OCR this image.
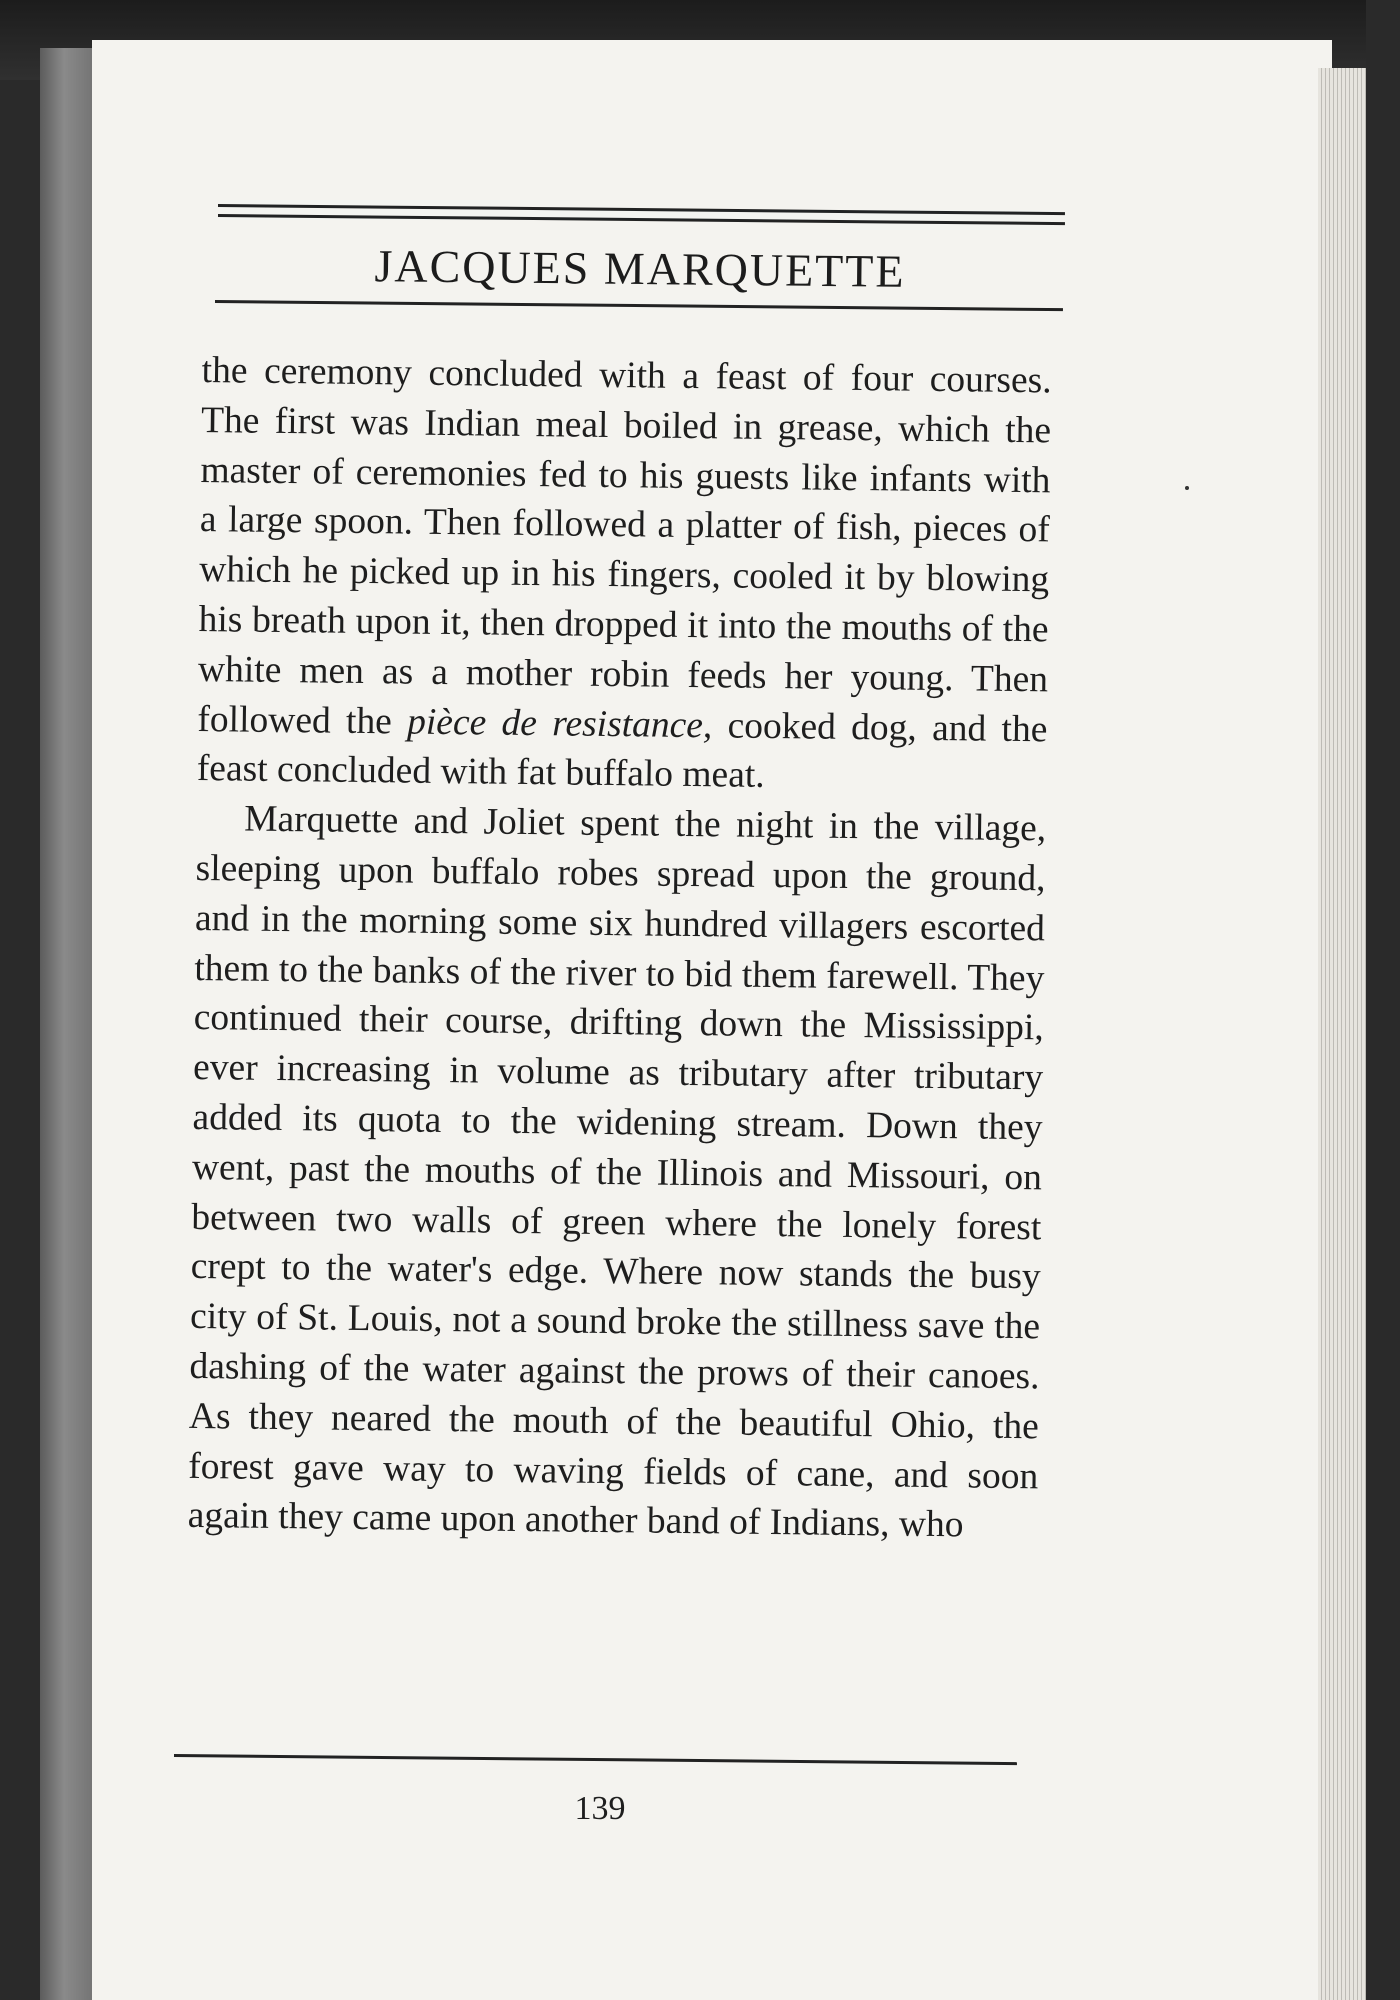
JACQUES MARQUETTE

the ceremony concluded with a feast of four courses. The first was Indian meal boiled in grease, which the master of ceremonies fed to his guests like infants with a large spoon. Then followed a platter of fish, pieces of which he picked up in his fingers, cooled it by blowing his breath upon it, then dropped it into the mouths of the white men as a mother robin feeds her young. Then followed the pièce de resistance, cooked dog, and the feast concluded with fat buffalo meat.

Marquette and Joliet spent the night in the village, sleeping upon buffalo robes spread upon the ground, and in the morning some six hundred villagers escorted them to the banks of the river to bid them farewell. They continued their course, drifting down the Mississippi, ever increasing in volume as tributary after tributary added its quota to the widening stream. Down they went, past the mouths of the Illinois and Missouri, on between two walls of green where the lonely forest crept to the water's edge. Where now stands the busy city of St. Louis, not a sound broke the stillness save the dashing of the water against the prows of their canoes. As they neared the mouth of the beautiful Ohio, the forest gave way to waving fields of cane, and soon again they came upon another band of Indians, who

139
